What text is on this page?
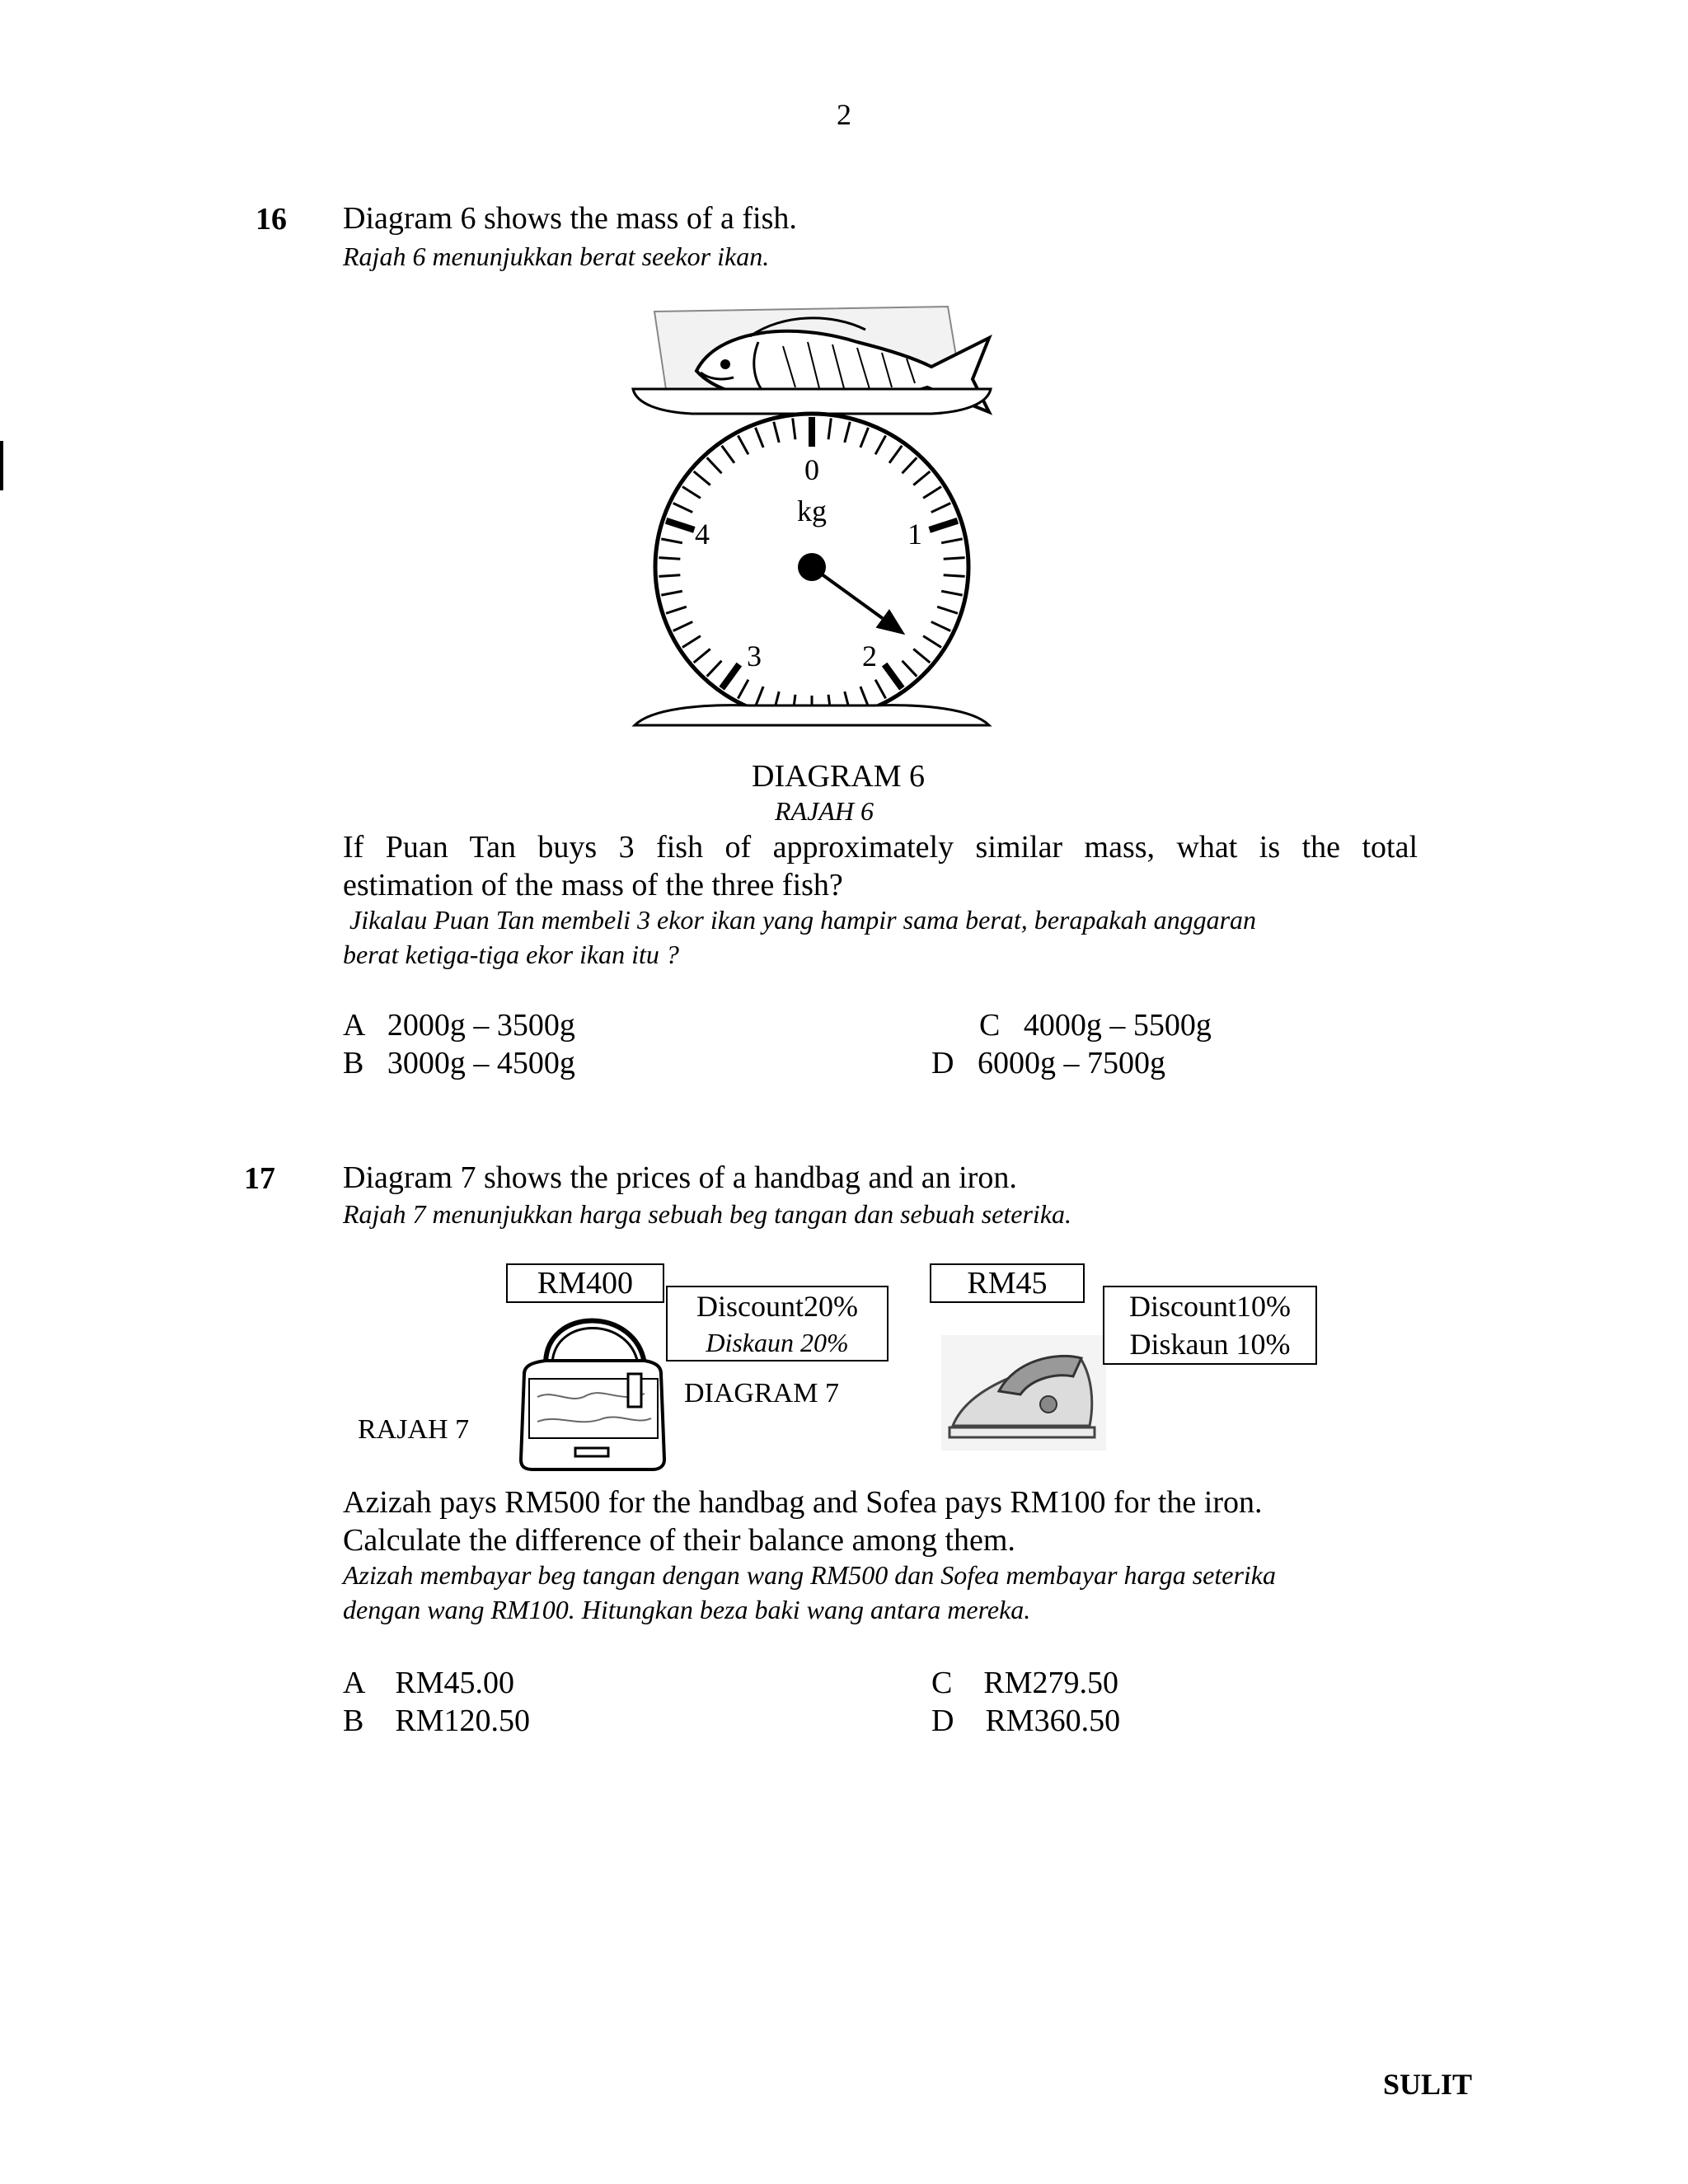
2
16 Diagram 6 shows the mass of a fish.
Rajah 6 menunjukkan berat seekor ikan.
0
kg
1
2
3
4
DIAGRAM 6
RAJAH 6
If Puan Tan buys 3 fish of approximately similar mass, what is the total
estimation of the mass of the three fish?
Jikalau Puan Tan membeli 3 ekor ikan yang hampir sama berat, berapakah anggaran
berat ketiga-tiga ekor ikan itu ?
A   2000g – 3500g
B   3000g – 4500g
C   4000g – 5500g
D   6000g – 7500g
17 Diagram 7 shows the prices of a handbag and an iron.
Rajah 7 menunjukkan harga sebuah beg tangan dan sebuah seterika.
RM400
Discount20%
Diskaun 20%
DIAGRAM 7
RAJAH 7
RM45
Discount10%
Diskaun 10%
Azizah pays RM500 for the handbag and Sofea pays RM100 for the iron.
Calculate the difference of their balance among them.
Azizah membayar beg tangan dengan wang RM500 dan Sofea membayar harga seterika
dengan wang RM100. Hitungkan beza baki wang antara mereka.
A    RM45.00
B    RM120.50
C    RM279.50
D    RM360.50
SULIT
